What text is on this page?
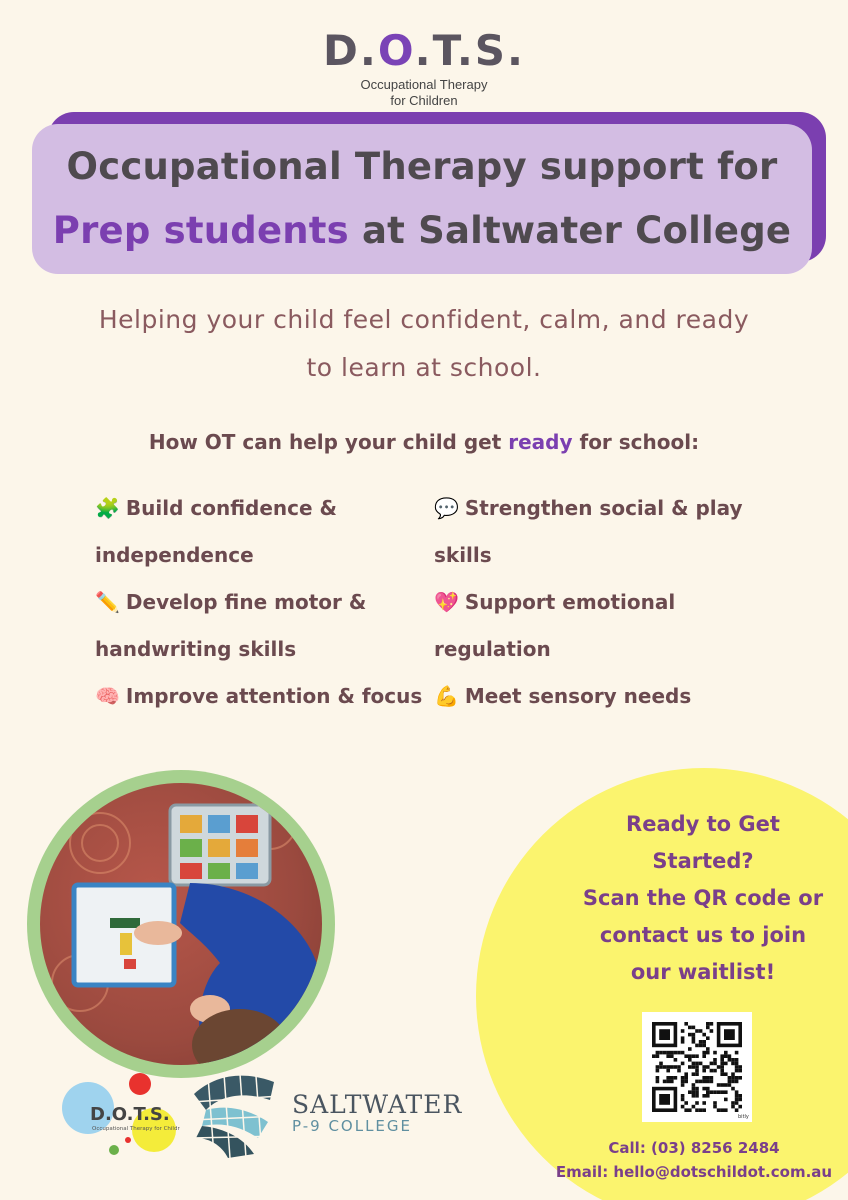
D.O.T.S.
Occupational Therapy
for Children
Occupational Therapy support for
Prep students at Saltwater College
Helping your child feel confident, calm, and ready
to learn at school.
How OT can help your child get ready for school:
🧩 Build confidence &
independence
✏️ Develop fine motor &
handwriting skills
🧠 Improve attention & focus
💬 Strengthen social & play
skills
💖 Support emotional
regulation
💪 Meet sensory needs
Ready to Get
Started?
Scan the QR code or
contact us to join
our waitlist!
bitly
Call: (03) 8256 2484
Email: hello@dotschildot.com.au
D.O.T.S.
Occupational Therapy for Children
SALTWATER
P-9 COLLEGE
